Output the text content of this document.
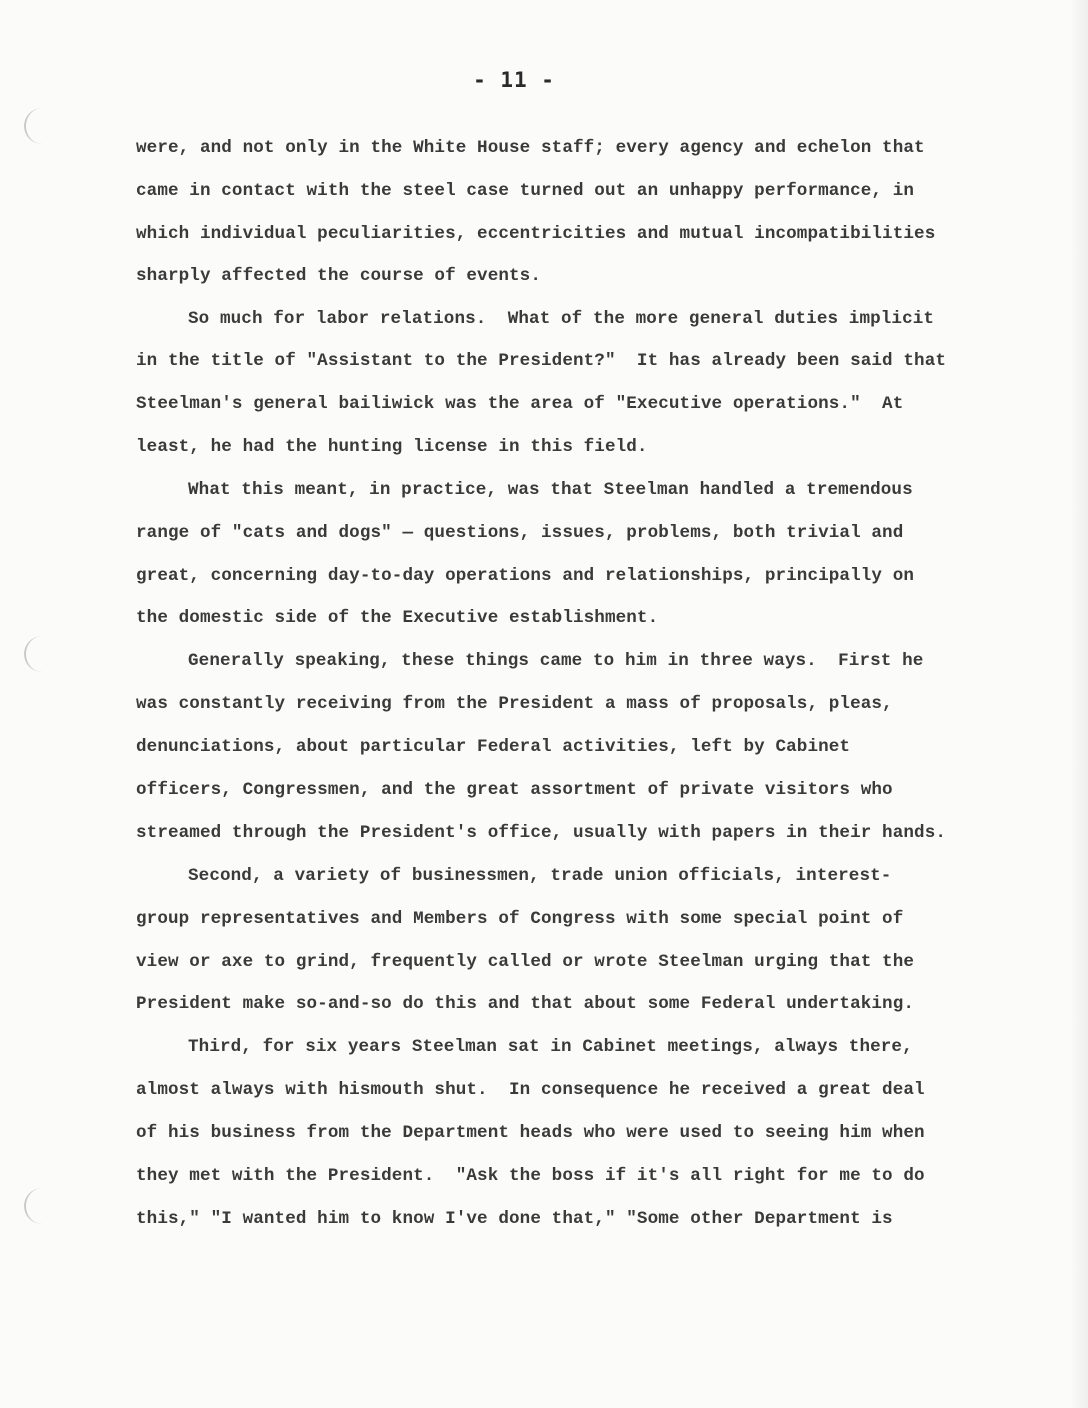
- 11 -
were, and not only in the White House staff; every agency and echelon that
came in contact with the steel case turned out an unhappy performance, in
which individual peculiarities, eccentricities and mutual incompatibilities
sharply affected the course of events.
So much for labor relations.  What of the more general duties implicit
in the title of "Assistant to the President?"  It has already been said that
Steelman's general bailiwick was the area of "Executive operations."  At
least, he had the hunting license in this field.
What this meant, in practice, was that Steelman handled a tremendous
range of "cats and dogs" — questions, issues, problems, both trivial and
great, concerning day-to-day operations and relationships, principally on
the domestic side of the Executive establishment.
Generally speaking, these things came to him in three ways.  First he
was constantly receiving from the President a mass of proposals, pleas,
denunciations, about particular Federal activities, left by Cabinet
officers, Congressmen, and the great assortment of private visitors who
streamed through the President's office, usually with papers in their hands.
Second, a variety of businessmen, trade union officials, interest-
group representatives and Members of Congress with some special point of
view or axe to grind, frequently called or wrote Steelman urging that the
President make so-and-so do this and that about some Federal undertaking.
Third, for six years Steelman sat in Cabinet meetings, always there,
almost always with hismouth shut.  In consequence he received a great deal
of his business from the Department heads who were used to seeing him when
they met with the President.  "Ask the boss if it's all right for me to do
this," "I wanted him to know I've done that," "Some other Department is
